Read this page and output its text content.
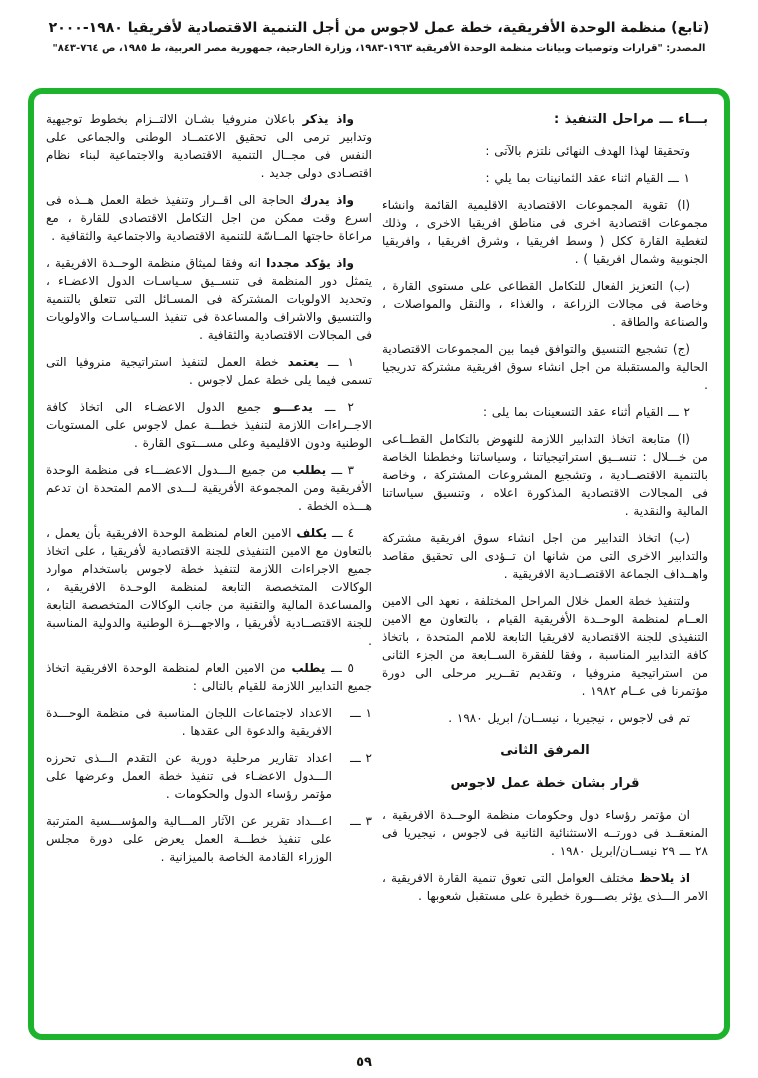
(تابع) منظمة الوحدة الأفريقية، خطة عمل لاجوس من أجل التنمية الاقتصادية لأفريقيا ١٩٨٠-٢٠٠٠
المصدر: "قرارات وتوصيات وبيانات منظمة الوحدة الأفريقية ١٩٦٣-١٩٨٣، وزارة الخارجية، جمهورية مصر العربية، ط ١٩٨٥، ص ٧٦٤-٨٤٣"
بـــاء ـــ مراحل التنفيذ :
وتحقيقا لهذا الهدف النهائى نلتزم بالآتى :
١ ـــ القيام اثناء عقد الثمانينات بما يلي :
(ا) تقوية المجموعات الاقتصادية الاقليمية القائمة وانشاء مجموعات اقتصادية اخرى فى مناطق افريقيا الاخرى ، وذلك لتغطية القارة ككل ( وسط افريقيا ، وشرق افريقيا ، وافريقيا الجنوبية وشمال افريقيا ) .
(ب) التعزيز الفعال للتكامل القطاعى على مستوى القارة ، وخاصة فى مجالات الزراعة ، والغذاء ، والنقل والمواصلات ، والصناعة والطاقة .
(ج) تشجيع التنسيق والتوافق فيما بين المجموعات الاقتصادية الحالية والمستقبلة من اجل انشاء سوق افريقية مشتركة تدريجيا .
٢ ـــ القيام أثناء عقد التسعينات بما يلى :
(ا) متابعة اتخاذ التدابير اللازمة للنهوض بالتكامل القطــاعى من خـــلال : تنســيق استراتيجياتنا ، وسياساتنا وخططنا الخاصة بالتنمية الاقتصــادية ، وتشجيع المشروعات المشتركة ، وخاصة فى المجالات الاقتصادية المذكورة اعلاه ، وتنسيق سياساتنا المالية والنقدية .
(ب) اتخاذ التدابير من اجل انشاء سوق افريقية مشتركة والتدابير الاخرى التى من شانها ان تــؤدى الى تحقيق مقاصد واهــداف الجماعة الاقتصــادية الافريقية .
ولتنفيذ خطة العمل خلال المراحل المختلفة ، نعهد الى الامين العــام لمنظمة الوحــدة الأفريقية القيام ، بالتعاون مع الامين التنفيذى للجنة الاقتصادية لافريقيا التابعة للامم المتحدة ، باتخاذ كافة التدابير المناسبة ، وفقا للفقرة الســابعة من الجزء الثانى من استراتيجية منروفيا ، وتقديم تقــرير مرحلى الى دورة مؤتمرنا فى عــام ١٩٨٢ .
تم فى لاجوس ، نيجيريا ، نيســان/ ابريل ١٩٨٠ .
المرفق الثانى
قرار بشان خطة عمل لاجوس
ان مؤتمر رؤساء دول وحكومات منظمة الوحــدة الافريقية ، المنعقــد فى دورتــه الاستثنائية الثانية فى لاجوس ، نيجيريا فى ٢٨ ـــ ٢٩ نيســان/ابريل ١٩٨٠ .
اذ يلاحظ مختلف العوامل التى تعوق تنمية القارة الافريقية ، الامر الـــذى يؤثر بصـــورة خطيرة على مستقبل شعوبها .
واذ يذكر باعلان منروفيا بشـان الالتــزام بخطوط توجيهية وتدابير ترمى الى تحقيق الاعتمــاد الوطنى والجماعى على النفس فى مجــال التنمية الاقتصادية والاجتماعية لبناء نظام اقتصـادى دولى جديد .
واذ يدرك الحاجة الى اقــرار وتنفيذ خطة العمل هــذه فى اسرع وقت ممكن من اجل التكامل الاقتصادى للقارة ، مع مراعاة حاجتها المــاسّة للتنمية الاقتصادية والاجتماعية والثقافية .
واذ يؤكد مجددا انه وفقا لميثاق منظمة الوحــدة الافريقية ، يتمثل دور المنظمة فى تنســيق سـياسـات الدول الاعضـاء ، وتحديد الاولويات المشتركة فى المسـائل التى تتعلق بالتنمية والتنسيق والاشراف والمساعدة فى تنفيذ السـياسـات والاولويات فى المجالات الاقتصادية والثقافية .
١ ـــ يعتمد خطة العمل لتنفيذ استراتيجية منروفيا التى تسمى فيما يلى خطة عمل لاجوس .
٢ ـــ يدعـــو جميع الدول الاعضـاء الى اتخاذ كافة الاجــراءات اللازمة لتنفيذ خطـــة عمل لاجوس على المستويات الوطنية ودون الاقليمية وعلى مســـتوى القارة .
٣ ـــ يطلب من جميع الـــدول الاعضـــاء فى منظمة الوحدة الأفريقية ومن المجموعة الأفريقية لـــدى الامم المتحدة ان تدعم هـــذه الخطة .
٤ ـــ يكلف الامين العام لمنظمة الوحدة الافريقية بأن يعمل ، بالتعاون مع الامين التنفيذى للجنة الاقتصادية لأفريقيا ، على اتخاذ جميع الاجراءات اللازمة لتنفيذ خطة لاجوس باستخدام موارد الوكالات المتخصصة التابعة لمنظمة الوحـدة الافريقية ، والمساعدة المالية والتقنية من جانب الوكالات المتخصصة التابعة للجنة الاقتصــادية لأفريقيا ، والاجهـــزة الوطنية والدولية المناسبة .
٥ ـــ يطلب من الامين العام لمنظمة الوحدة الافريقية اتخاذ جميع التدابير اللازمة للقيام بالتالى :
١ ـــالاعداد لاجتماعات اللجان المناسبة فى منظمة الوحـــدة الافريقية والدعوة الى عقدها .
٢ ـــاعداد تقارير مرحلية دورية عن التقدم الـــذى تحرزه الـــدول الاعضـاء فى تنفيذ خطة العمل وعرضها على مؤتمر رؤساء الدول والحكومات .
٣ ـــاعـــداد تقرير عن الآثار المـــالية والمؤســـسية المترتبة على تنفيذ خطـــة العمل يعرض على دورة مجلس الوزراء القادمة الخاصة بالميزانية .
٥٩
